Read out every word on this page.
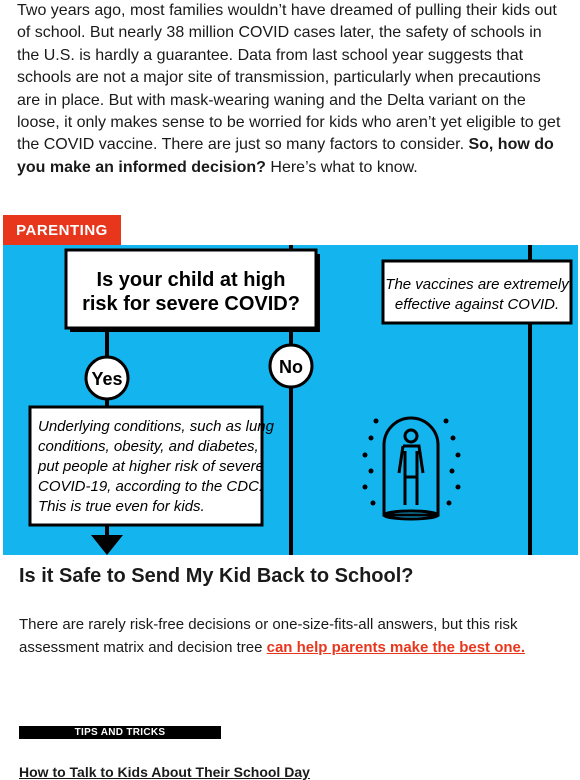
Two years ago, most families wouldn’t have dreamed of pulling their kids out of school. But nearly 38 million COVID cases later, the safety of schools in the U.S. is hardly a guarantee. Data from last school year suggests that schools are not a major site of transmission, particularly when precautions are in place. But with mask-wearing waning and the Delta variant on the loose, it only makes sense to be worried for kids who aren’t yet eligible to get the COVID vaccine. There are just so many factors to consider. So, how do you make an informed decision? Here’s what to know.

PARENTING
Is your child at high
risk for severe COVID?
The vaccines are extremely
effective against COVID.
Yes
No
Underlying conditions, such as lung
conditions, obesity, and diabetes,
put people at higher risk of severe
COVID-19, according to the CDC.
This is true even for kids.
Is it Safe to Send My Kid Back to School?

There are rarely risk-free decisions or one-size-fits-all answers, but this risk assessment matrix and decision tree can help parents make the best one.

TIPS AND TRICKS

How to Talk to Kids About Their School Day
